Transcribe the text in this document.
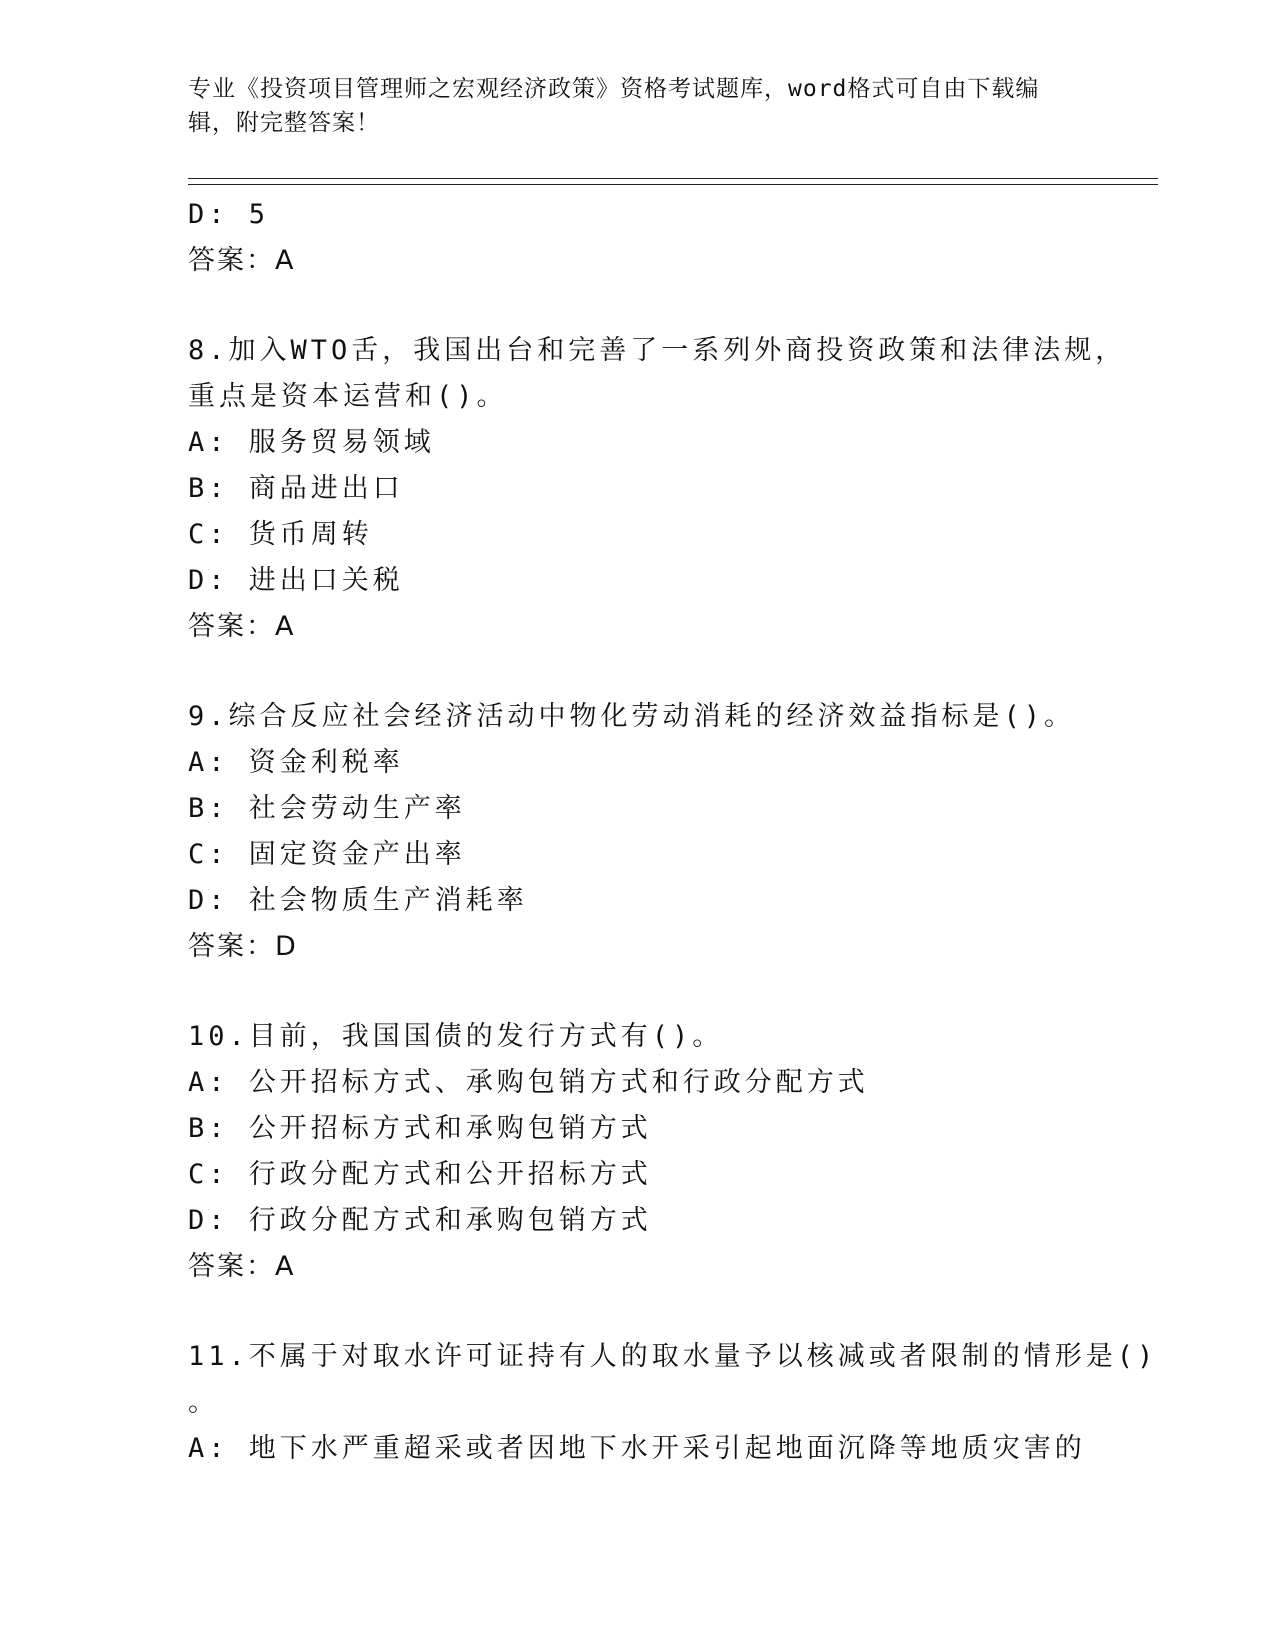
专业《投资项目管理师之宏观经济政策》资格考试题库，word格式可自由下载编
辑，附完整答案！
D: 5
答案：A
8.加入WTO舌，我国出台和完善了一系列外商投资政策和法律法规，
重点是资本运营和()。
A: 服务贸易领域
B: 商品进出口
C: 货币周转
D: 进出口关税
答案：A
9.综合反应社会经济活动中物化劳动消耗的经济效益指标是()。
A: 资金利税率
B: 社会劳动生产率
C: 固定资金产出率
D: 社会物质生产消耗率
答案：D
10.目前，我国国债的发行方式有()。
A: 公开招标方式、承购包销方式和行政分配方式
B: 公开招标方式和承购包销方式
C: 行政分配方式和公开招标方式
D: 行政分配方式和承购包销方式
答案：A
11.不属于对取水许可证持有人的取水量予以核减或者限制的情形是()
。
A: 地下水严重超采或者因地下水开采引起地面沉降等地质灾害的
